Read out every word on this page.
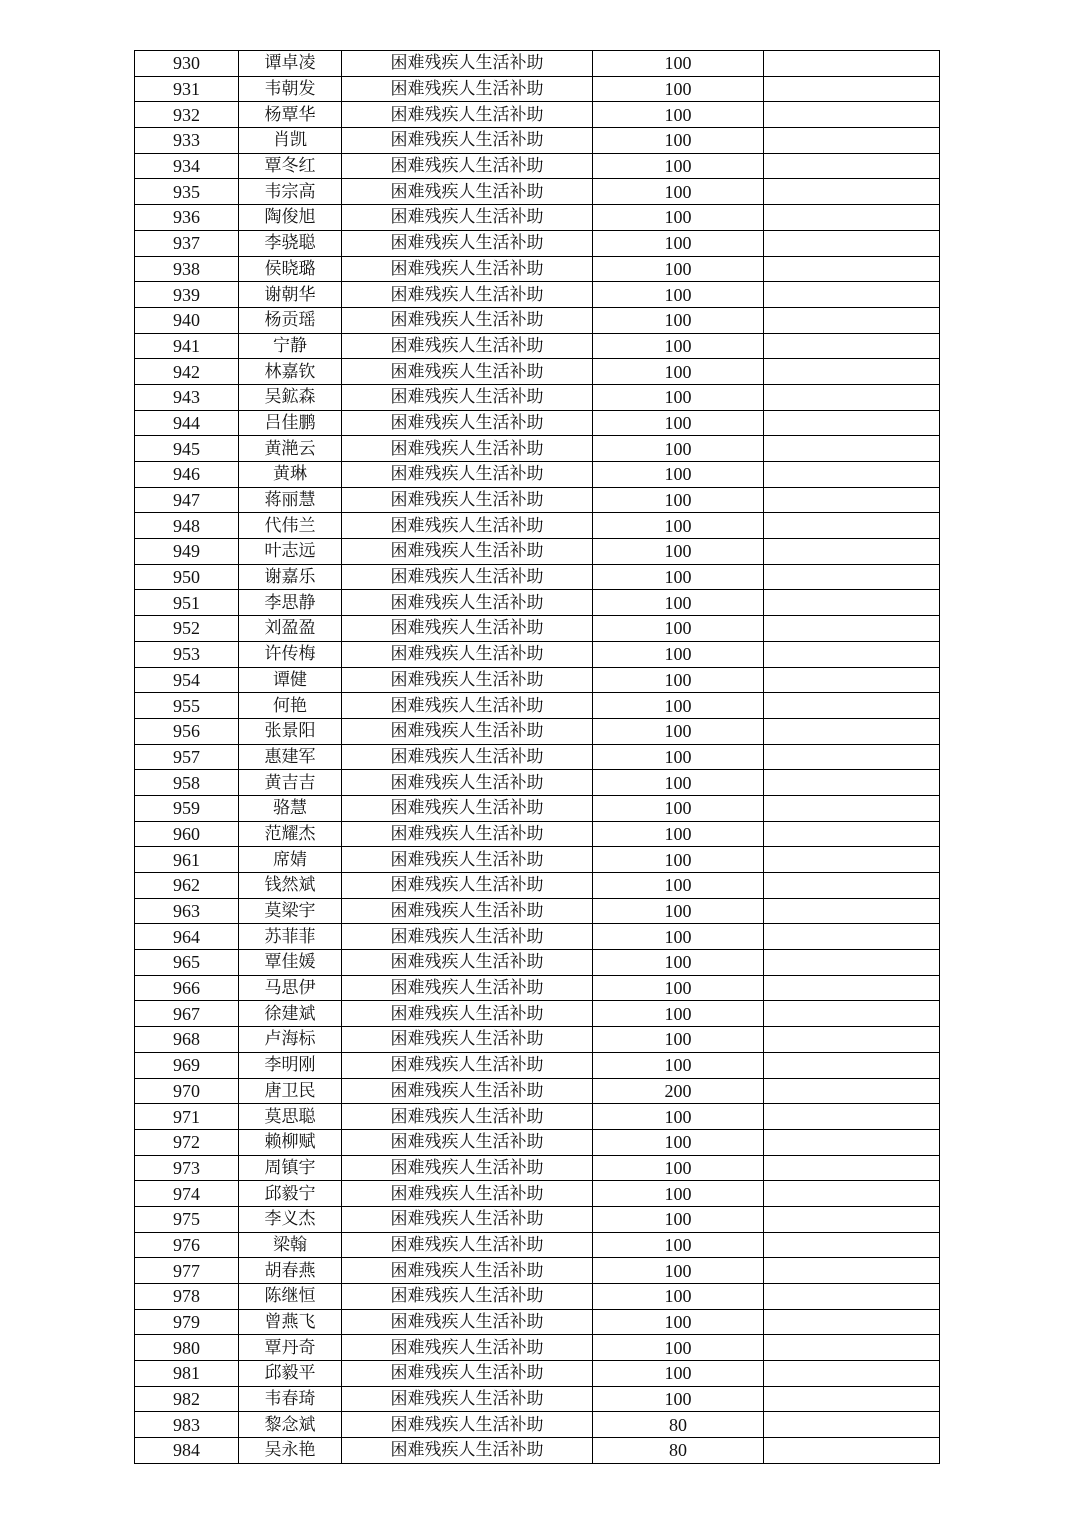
930	谭卓凌	困难残疾人生活补助	100	
931	韦朝发	困难残疾人生活补助	100	
932	杨覃华	困难残疾人生活补助	100	
933	肖凯	困难残疾人生活补助	100	
934	覃冬红	困难残疾人生活补助	100	
935	韦宗高	困难残疾人生活补助	100	
936	陶俊旭	困难残疾人生活补助	100	
937	李骁聪	困难残疾人生活补助	100	
938	侯晓璐	困难残疾人生活补助	100	
939	谢朝华	困难残疾人生活补助	100	
940	杨贡瑶	困难残疾人生活补助	100	
941	宁静	困难残疾人生活补助	100	
942	林嘉钦	困难残疾人生活补助	100	
943	吴鉱森	困难残疾人生活补助	100	
944	吕佳鹏	困难残疾人生活补助	100	
945	黄滟云	困难残疾人生活补助	100	
946	黄琳	困难残疾人生活补助	100	
947	蒋丽慧	困难残疾人生活补助	100	
948	代伟兰	困难残疾人生活补助	100	
949	叶志远	困难残疾人生活补助	100	
950	谢嘉乐	困难残疾人生活补助	100	
951	李思静	困难残疾人生活补助	100	
952	刘盈盈	困难残疾人生活补助	100	
953	许传梅	困难残疾人生活补助	100	
954	谭健	困难残疾人生活补助	100	
955	何艳	困难残疾人生活补助	100	
956	张景阳	困难残疾人生活补助	100	
957	惠建军	困难残疾人生活补助	100	
958	黄吉吉	困难残疾人生活补助	100	
959	骆慧	困难残疾人生活补助	100	
960	范耀杰	困难残疾人生活补助	100	
961	席婧	困难残疾人生活补助	100	
962	钱然斌	困难残疾人生活补助	100	
963	莫梁宇	困难残疾人生活补助	100	
964	苏菲菲	困难残疾人生活补助	100	
965	覃佳媛	困难残疾人生活补助	100	
966	马思伊	困难残疾人生活补助	100	
967	徐建斌	困难残疾人生活补助	100	
968	卢海标	困难残疾人生活补助	100	
969	李明刚	困难残疾人生活补助	100	
970	唐卫民	困难残疾人生活补助	200	
971	莫思聪	困难残疾人生活补助	100	
972	赖柳赋	困难残疾人生活补助	100	
973	周镇宇	困难残疾人生活补助	100	
974	邱毅宁	困难残疾人生活补助	100	
975	李义杰	困难残疾人生活补助	100	
976	梁翰	困难残疾人生活补助	100	
977	胡春燕	困难残疾人生活补助	100	
978	陈继恒	困难残疾人生活补助	100	
979	曾燕飞	困难残疾人生活补助	100	
980	覃丹奇	困难残疾人生活补助	100	
981	邱毅平	困难残疾人生活补助	100	
982	韦春琦	困难残疾人生活补助	100	
983	黎念斌	困难残疾人生活补助	80	
984	吴永艳	困难残疾人生活补助	80	
